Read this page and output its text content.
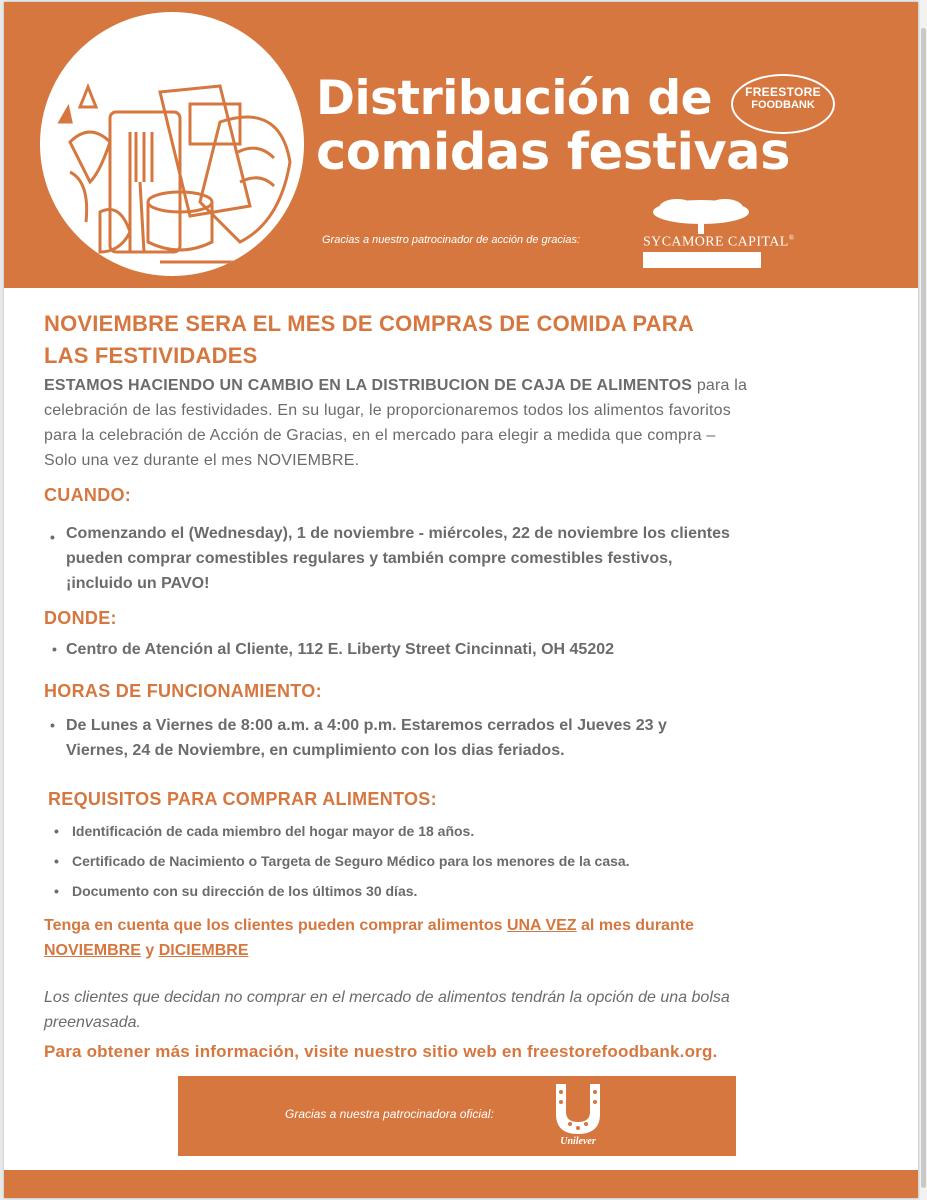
Distribución de
comidas festivas
FREESTORE
FOODBANK
Gracias a nuestro patrocinador de acción de gracias:	SYCAMORE CAPITAL®
NOVIEMBRE SERA EL MES DE COMPRAS DE COMIDA PARA
LAS FESTIVIDADES
ESTAMOS HACIENDO UN CAMBIO EN LA DISTRIBUCION DE CAJA DE ALIMENTOS para la
celebración de las festividades. En su lugar, le proporcionaremos todos los alimentos favoritos
para la celebración de Acción de Gracias, en el mercado para elegir a medida que compra –
Solo una vez durante el mes NOVIEMBRE.
CUANDO:
• Comenzando el (Wednesday), 1 de noviembre - miércoles, 22 de noviembre los clientes
pueden comprar comestibles regulares y también compre comestibles festivos,
¡incluido un PAVO!
DONDE:
• Centro de Atención al Cliente, 112 E. Liberty Street Cincinnati, OH 45202
HORAS DE FUNCIONAMIENTO:
• De Lunes a Viernes de 8:00 a.m. a 4:00 p.m. Estaremos cerrados el Jueves 23 y
Viernes, 24 de Noviembre, en cumplimiento con los dias feriados.
REQUISITOS PARA COMPRAR ALIMENTOS:
• Identificación de cada miembro del hogar mayor de 18 años.
• Certificado de Nacimiento o Targeta de Seguro Médico para los menores de la casa.
• Documento con su dirección de los últimos 30 días.
Tenga en cuenta que los clientes pueden comprar alimentos UNA VEZ al mes durante
NOVIEMBRE y DICIEMBRE
Los clientes que decidan no comprar en el mercado de alimentos tendrán la opción de una bolsa
preenvasada.
Para obtener más información, visite nuestro sitio web en freestorefoodbank.org.
Gracias a nuestra patrocinadora oficial:
Unilever
